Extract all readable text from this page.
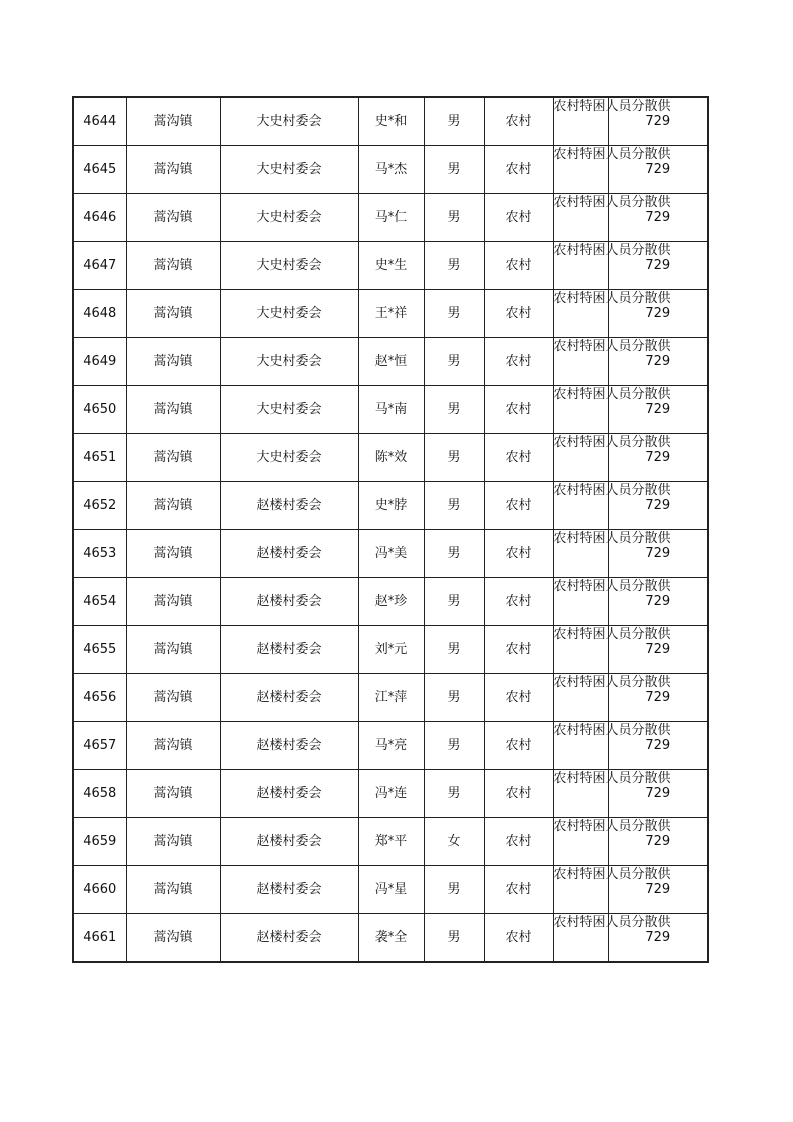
4644	蒿沟镇	大史村委会	史*和	男	农村	农村特困人员分散供	729
4645	蒿沟镇	大史村委会	马*杰	男	农村	农村特困人员分散供	729
4646	蒿沟镇	大史村委会	马*仁	男	农村	农村特困人员分散供	729
4647	蒿沟镇	大史村委会	史*生	男	农村	农村特困人员分散供	729
4648	蒿沟镇	大史村委会	王*祥	男	农村	农村特困人员分散供	729
4649	蒿沟镇	大史村委会	赵*恒	男	农村	农村特困人员分散供	729
4650	蒿沟镇	大史村委会	马*南	男	农村	农村特困人员分散供	729
4651	蒿沟镇	大史村委会	陈*效	男	农村	农村特困人员分散供	729
4652	蒿沟镇	赵楼村委会	史*脖	男	农村	农村特困人员分散供	729
4653	蒿沟镇	赵楼村委会	冯*美	男	农村	农村特困人员分散供	729
4654	蒿沟镇	赵楼村委会	赵*珍	男	农村	农村特困人员分散供	729
4655	蒿沟镇	赵楼村委会	刘*元	男	农村	农村特困人员分散供	729
4656	蒿沟镇	赵楼村委会	江*萍	男	农村	农村特困人员分散供	729
4657	蒿沟镇	赵楼村委会	马*亮	男	农村	农村特困人员分散供	729
4658	蒿沟镇	赵楼村委会	冯*连	男	农村	农村特困人员分散供	729
4659	蒿沟镇	赵楼村委会	郑*平	女	农村	农村特困人员分散供	729
4660	蒿沟镇	赵楼村委会	冯*星	男	农村	农村特困人员分散供	729
4661	蒿沟镇	赵楼村委会	袭*全	男	农村	农村特困人员分散供	729
